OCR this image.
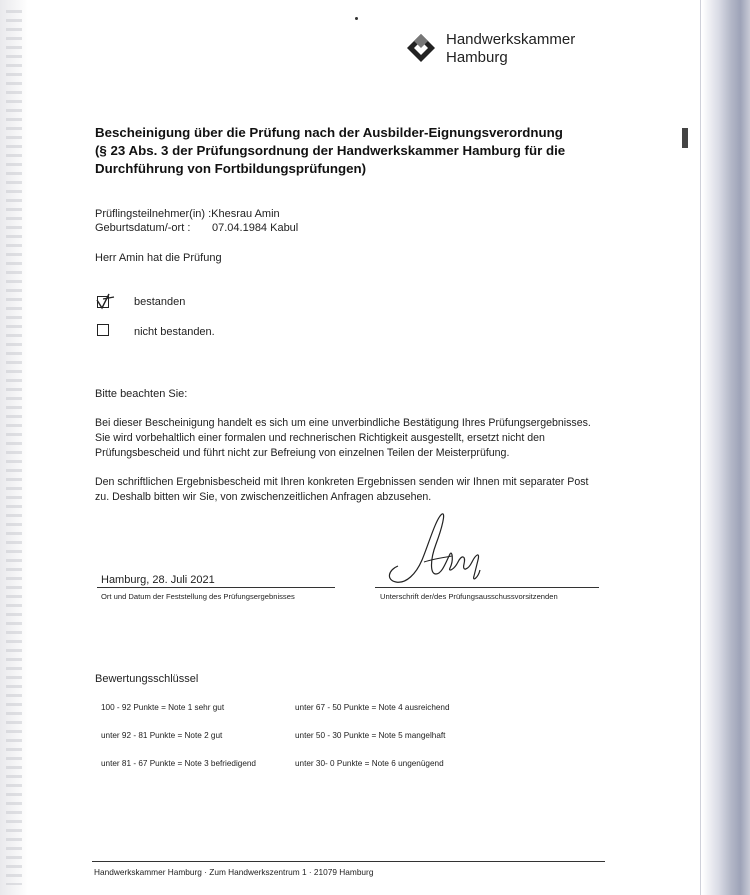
Handwerkskammer
Hamburg
Bescheinigung über die Prüfung nach der Ausbilder-Eignungsverordnung
(§ 23 Abs. 3 der Prüfungsordnung der Handwerkskammer Hamburg für die
Durchführung von Fortbildungsprüfungen)
Prüflingsteilnehmer(in) :Khesrau Amin
Geburtsdatum/-ort : 07.04.1984 Kabul
Herr Amin hat die Prüfung
bestanden
nicht bestanden.
Bitte beachten Sie:
Bei dieser Bescheinigung handelt es sich um eine unverbindliche Bestätigung Ihres Prüfungsergebnisses.
Sie wird vorbehaltlich einer formalen und rechnerischen Richtigkeit ausgestellt, ersetzt nicht den
Prüfungsbescheid und führt nicht zur Befreiung von einzelnen Teilen der Meisterprüfung.
Den schriftlichen Ergebnisbescheid mit Ihren konkreten Ergebnissen senden wir Ihnen mit separater Post
zu. Deshalb bitten wir Sie, von zwischenzeitlichen Anfragen abzusehen.
Hamburg, 28. Juli 2021
Ort und Datum der Feststellung des Prüfungsergebnisses	Unterschrift der/des Prüfungsausschussvorsitzenden
Bewertungsschlüssel
100 - 92 Punkte = Note 1 sehr gut
unter 92 - 81 Punkte = Note 2 gut
unter 81 - 67 Punkte = Note 3 befriedigend
unter 67 - 50 Punkte = Note 4 ausreichend
unter 50 - 30 Punkte = Note 5 mangelhaft
unter 30- 0 Punkte = Note 6 ungenügend
Handwerkskammer Hamburg · Zum Handwerkszentrum 1 · 21079 Hamburg
